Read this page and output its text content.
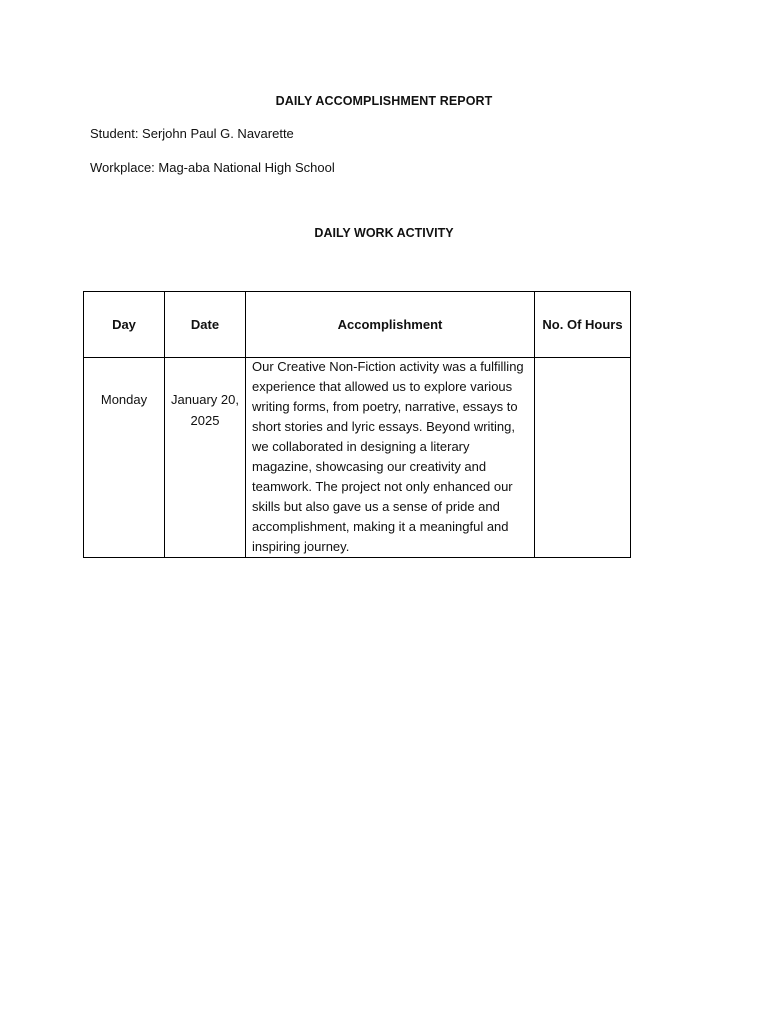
DAILY ACCOMPLISHMENT REPORT
Student: Serjohn Paul G. Navarette
Workplace: Mag-aba National High School
DAILY WORK ACTIVITY
Day	Date	Accomplishment	No. Of Hours

Monday	January 20, 2025	Our Creative Non-Fiction activity was a fulfilling experience that allowed us to explore various writing forms, from poetry, narrative, essays to short stories and lyric essays. Beyond writing, we collaborated in designing a literary magazine, showcasing our creativity and teamwork. The project not only enhanced our skills but also gave us a sense of pride and accomplishment, making it a meaningful and inspiring journey.	
